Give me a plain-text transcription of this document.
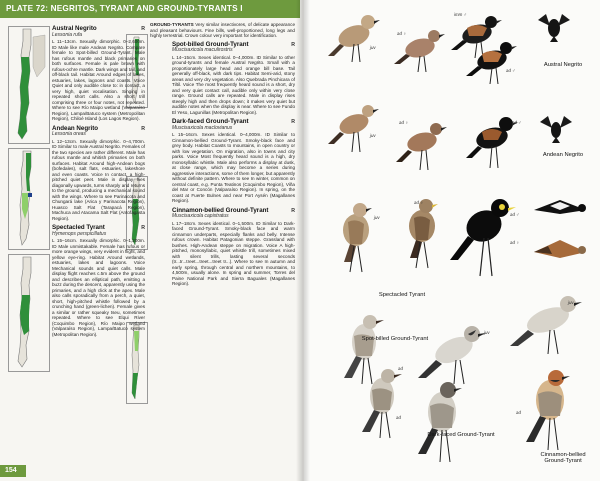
PLATE 72: NEGRITOS, TYRANT AND GROUND-TYRANTS I
Austral Negrito	R
Lessonia rufa
L 11–13cm. Sexually dimorphic. 0–2,600m. ID Male like male Andean Negrito. Compare female to Spot-billed Ground-Tyrant. Male has rufous mantle and black primaries on both surfaces. Female is pale brown with rufous-ochre mantle. Dark wings and tail, and off-black tail. Habitat Around edges of lakes, estuaries, lakes, lagoons and coasts. Voice Quiet and only audible close to: in contact, a very high, quiet vocalisation. Singing in repeated short calls. Also a short trill comprising three or four notes, not repeated. Where to see Río Maipo wetland (Valparaíso Region), Lampa/Batuco system (Metropolitan Region), Chiloé Island (Los Lagos Region).
Andean Negrito	R
Lessonia oreas
L 12–13cm. Sexually dimorphic. 0–4,700m. ID Similar to male Austral Negrito. Females of the two species are rather different. Male has rufous mantle and whitish primaries on both surfaces. Habitat Around high-Andean bogs (bofedales), salt flats, estuaries, lakeshore and even coasts. Voice In contact, a high-pitched quiet peet. Male in display flies diagonally upwards, turns sharply and returns to the ground, producing a mechanical sound with the wings. Where to see Parinacota and Chungará lake (Arica y Parinacota Region), Huasco Salt Flat (Tarapacá Region), Machuca and Atacama Salt Flat (Antofagasta Region).
Spectacled Tyrant	R
Hymenops perspicillatus
L 15–16cm. Sexually dimorphic. 0–1,200m. ID Male unmistakable. Female has rufous or more orange wings, very evident in flight, and yellow eye-ring. Habitat Around wetlands, estuaries, lakes and lagoons. Voice Mechanical sounds and quiet calls. Male display flight reaches c.5m above the ground and describes an elliptical path, emitting a buzz during the descent, apparently using the primaries, and a high click at the apex. Male also calls sporadically from a perch, a quiet, short, high-pitched whistle followed by a crunching hand (green-lichen). Female gives a similar or rather squeaky tseu, sometimes repeated. Where to see Elqui River (Coquimbo Region), Río Maipo wetland (Valparaíso Region), Lampa/Batuco system (Metropolitan Region).
GROUND-TYRANTS Very similar insectivores, of delicate appearance and pleasant behaviours. Fine bills, well-proportioned, long legs and highly terrestrial. Crown colour very important for identification.
Spot-billed Ground-Tyrant	R
Muscisaxicola maculirostris
L 14–15cm. Sexes identical. 0–4,000m. ID Similar to other ground-tyrants and female Austral Negrito. Small with a proportionately large head and orange bill base. Tail generally off-black, with dark tips. Habitat Semi-arid, stony areas and very dry vegetation. Also Quebrada Pinchicara of Tiltil. Voice The most frequently heard sound is a short, dry and very quiet contact call, audible only within very close range. Ground calls are repeated. Male in display rises steeply high and then drops down; it makes very quiet but audible notes when the display is near. Where to see Fundo El Yeso, Lagunillas (Metropolitan Region).
Dark-faced Ground-Tyrant	R
Muscisaxicola maclovianus
L 15–16cm. Sexes identical. 0–4,000m. ID Similar to Cinnamon-bellied Ground-Tyrant. Smoky-black face and grey body. Habitat Coasts to mountains, in open country or with low vegetation. On migration, also in towns and city parks. Voice Most frequently heard sound is a high, dry monosyllabic whistle. Male also performs a display at dusk, at close range, which may become a series during aggressive interactions, some of them longer, but apparently without definite pattern. Where to see In winter, common on central coast, e.g. Punta Teatinos (Coquimbo Region), Viña del Mar or Concón (Valparaíso Region). In spring, on the coast at Fuerte Bulnes and near Port Aysén (Magallanes Region).
Cinnamon-bellied Ground-Tyrant	R
Muscisaxicola capistratus
L 17–18cm. Sexes identical. 0–1,500m. ID Similar to Dark-faced Ground-Tyrant. Smoky-black face and warm cinnamon underparts, especially flanks and belly. Intense rufous crown. Habitat Patagonian steppe. Grassland with bushes. High-Andean steppe on migration. Voice A high-pitched, monosyllabic, quiet whistle trill, sometimes mixed with silent trills, lasting several seconds (tr...tr...treet...treet...treet tr...). Where to see In autumn and early spring, through central and northern mountains, to 4,500m, usually alone. In spring and summer, Torres del Paine National Park and Sierra Baguales (Magallanes Region).
154
juv
ad ♀
imm ♂
ad ♂
Austral Negrito
juv
ad ♀	ad ♂
Andean Negrito
juv
ad ♀
ad ♂
ad ♀
Spectacled Tyrant
ad
Spot-billed Ground-Tyrant
juv
ad
Dark-faced Ground-Tyrant
juv
ad
Cinnamon-bellied Ground-Tyrant
